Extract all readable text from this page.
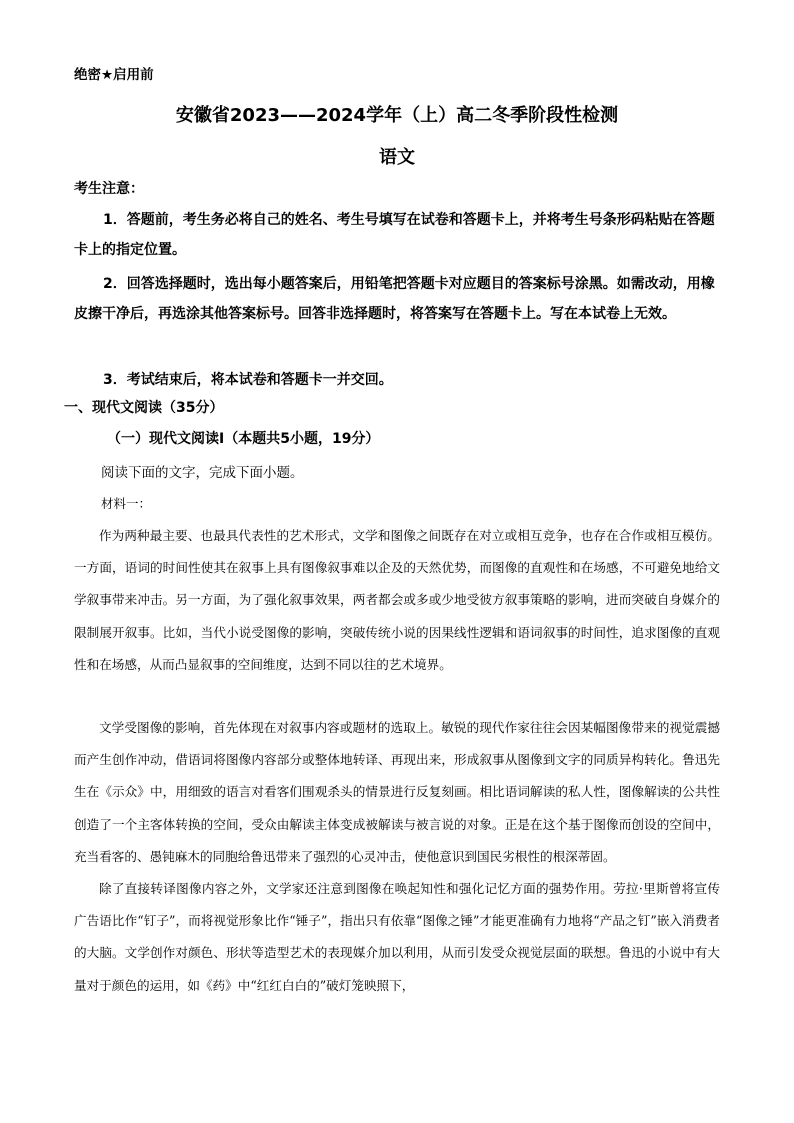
绝密★启用前
安徽省2023——2024学年（上）高二冬季阶段性检测
语文
考生注意：

1．答题前，考生务必将自己的姓名、考生号填写在试卷和答题卡上，并将考生号条形码粘贴在答题卡上的指定位置。

2．回答选择题时，选出每小题答案后，用铅笔把答题卡对应题目的答案标号涂黑。如需改动，用橡皮擦干净后，再选涂其他答案标号。回答非选择题时，将答案写在答题卡上。写在本试卷上无效。

3．考试结束后，将本试卷和答题卡一并交回。

一、现代文阅读（35分）
（一）现代文阅读Ⅰ（本题共5小题，19分）
阅读下面的文字，完成下面小题。
材料一：

作为两种最主要、也最具代表性的艺术形式，文学和图像之间既存在对立或相互竞争，也存在合作或相互模仿。一方面，语词的时间性使其在叙事上具有图像叙事难以企及的天然优势，而图像的直观性和在场感，不可避免地给文学叙事带来冲击。另一方面，为了强化叙事效果，两者都会或多或少地受彼方叙事策略的影响，进而突破自身媒介的限制展开叙事。比如，当代小说受图像的影响，突破传统小说的因果线性逻辑和语词叙事的时间性，追求图像的直观性和在场感，从而凸显叙事的空间维度，达到不同以往的艺术境界。

文学受图像的影响，首先体现在对叙事内容或题材的选取上。敏锐的现代作家往往会因某幅图像带来的视觉震撼而产生创作冲动，借语词将图像内容部分或整体地转译、再现出来，形成叙事从图像到文字的同质异构转化。鲁迅先生在《示众》中，用细致的语言对看客们围观杀头的情景进行反复刻画。相比语词解读的私人性，图像解读的公共性创造了一个主客体转换的空间，受众由解读主体变成被解读与被言说的对象。正是在这个基于图像而创设的空间中，充当看客的、愚钝麻木的同胞给鲁迅带来了强烈的心灵冲击，使他意识到国民劣根性的根深蒂固。

除了直接转译图像内容之外，文学家还注意到图像在唤起知性和强化记忆方面的强势作用。劳拉·里斯曾将宣传广告语比作“钉子”，而将视觉形象比作“锤子”，指出只有依靠“图像之锤”才能更准确有力地将“产品之钉”嵌入消费者的大脑。文学创作对颜色、形状等造型艺术的表现媒介加以利用，从而引发受众视觉层面的联想。鲁迅的小说中有大量对于颜色的运用，如《药》中“红红白白的”破灯笼映照下，
